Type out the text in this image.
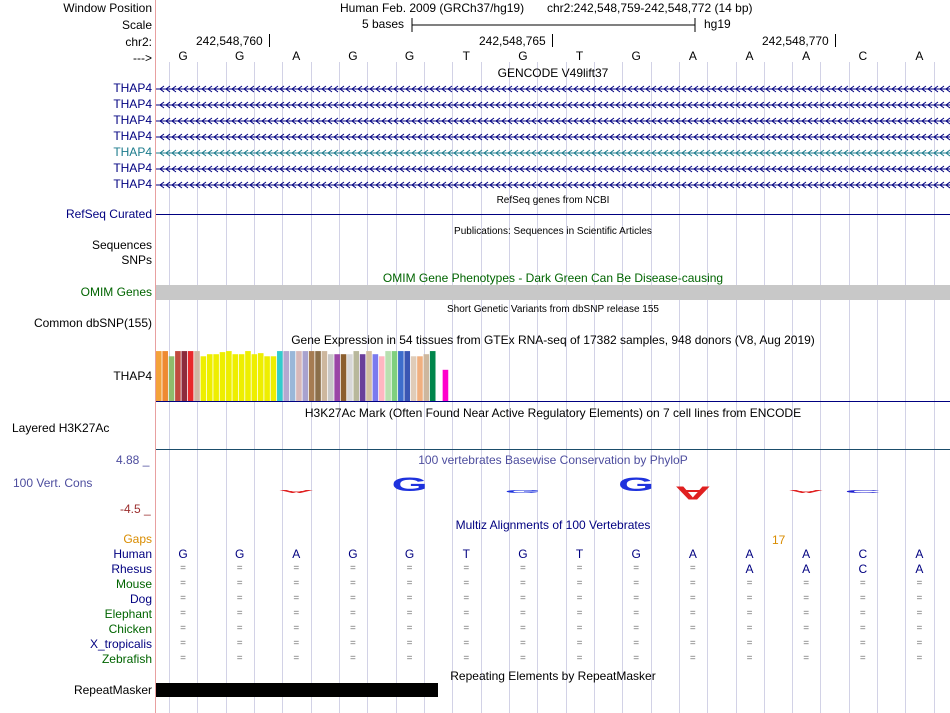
Window Position
Scale
chr2:
--->
Human Feb. 2009 (GRCh37/hg19) chr2:242,548,759-242,548,772 (14 bp)
5 bases	hg19
242,548,760	242,548,765	242,548,770
G	G	A	G	G	T	G	T	G	A	A	A	C	A
GENCODE V49lift37
THAP4
THAP4
THAP4
THAP4
THAP4
THAP4
THAP4
RefSeq genes from NCBI
RefSeq Curated
Publications: Sequences in Scientific Articles
Sequences
SNPs
OMIM Gene Phenotypes - Dark Green Can Be Disease-causing
OMIM Genes
Short Genetic Variants from dbSNP release 155
Common dbSNP(155)
Gene Expression in 54 tissues from GTEx RNA-seq of 17382 samples, 948 donors (V8, Aug 2019)
THAP4
H3K27Ac Mark (Often Found Near Active Regulatory Elements) on 7 cell lines from ENCODE
Layered H3K27Ac
4.88 _	100 vertebrates Basewise Conservation by PhyloP
100 Vert. Cons
-4.5 _
A	G	G	G A	A	C
Multiz Alignments of 100 Vertebrates
Gaps	17
Human	G	G	A	G	G	T	G	T	G	A	A	A	C	A
Rhesus	=	=	=	=	=	=	=	=	=	=	A	A	C	A
Mouse	=	=	=	=	=	=	=	=	=	=	=	=	=	=
Dog	=	=	=	=	=	=	=	=	=	=	=	=	=	=
Elephant	=	=	=	=	=	=	=	=	=	=	=	=	=	=
Chicken	=	=	=	=	=	=	=	=	=	=	=	=	=	=
X_tropicalis	=	=	=	=	=	=	=	=	=	=	=	=	=	=
Zebrafish	=	=	=	=	=	=	=	=	=	=	=	=	=	=
Repeating Elements by RepeatMasker
RepeatMasker
